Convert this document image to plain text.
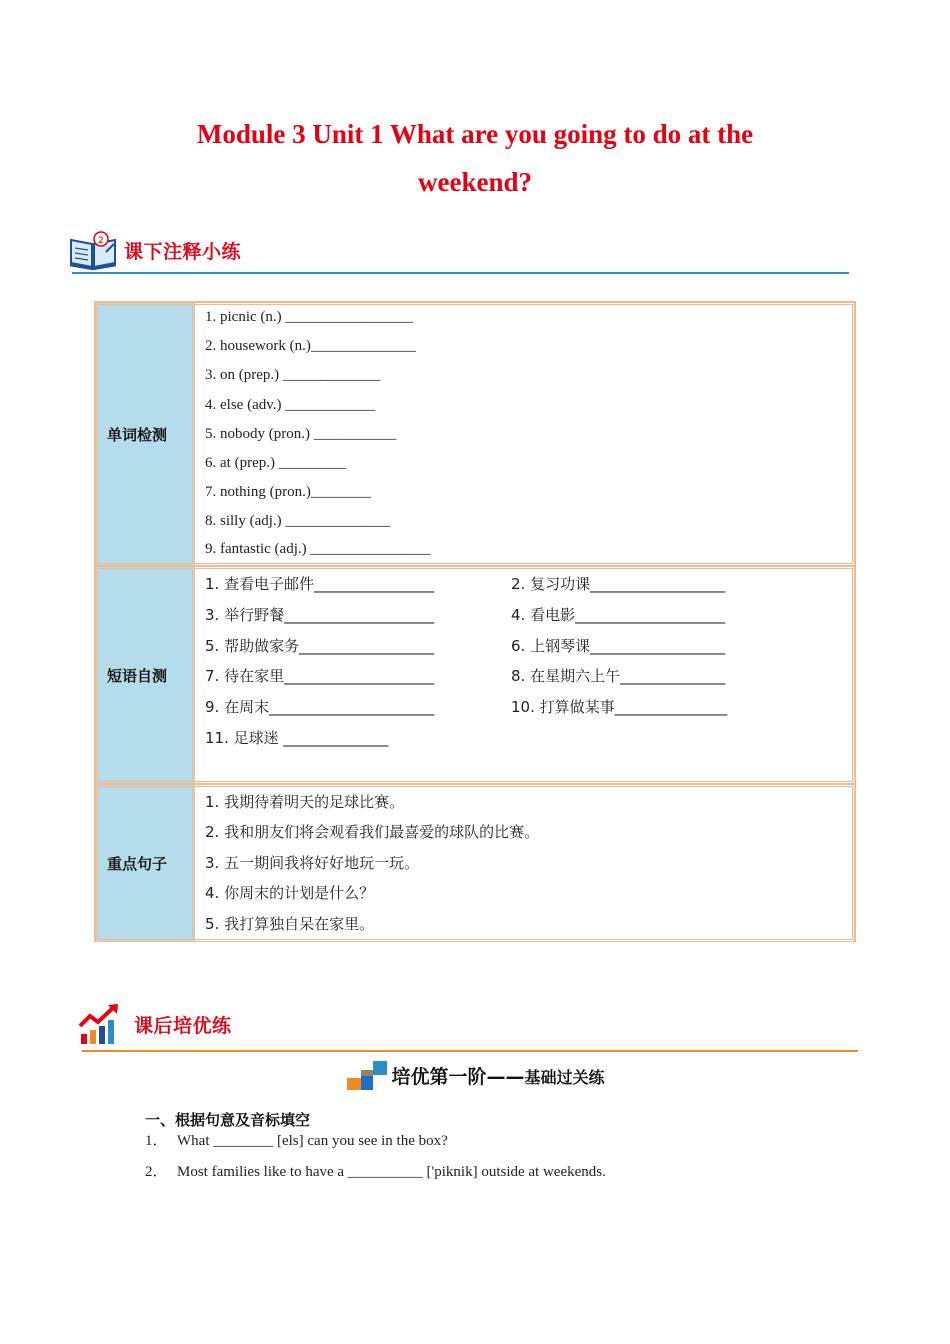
Module 3 Unit 1 What are you going to do at the
weekend?
2 课下注释小练
单词检测
1. picnic (n.) _________________
2. housework (n.)______________
3. on (prep.) _____________
4. else (adv.) ____________
5. nobody (pron.) ___________
6. at (prep.) _________
7. nothing (pron.)________
8. silly (adj.) ______________
9. fantastic (adj.) ________________
短语自测
1. 查看电子邮件________________
3. 举行野餐____________________
5. 帮助做家务__________________
7. 待在家里____________________
9. 在周末______________________
11. 足球迷 ______________
2. 复习功课__________________
4. 看电影____________________
6. 上钢琴课__________________
8. 在星期六上午______________
10. 打算做某事_______________
重点句子
1. 我期待着明天的足球比赛。
2. 我和朋友们将会观看我们最喜爱的球队的比赛。
3. 五一期间我将好好地玩一玩。
4. 你周末的计划是什么？
5. 我打算独自呆在家里。
课后培优练
培优第一阶——基础过关练
一、根据句意及音标填空
1． What ________ [els] can you see in the box?
2． Most families like to have a __________ ['piknik] outside at weekends.
